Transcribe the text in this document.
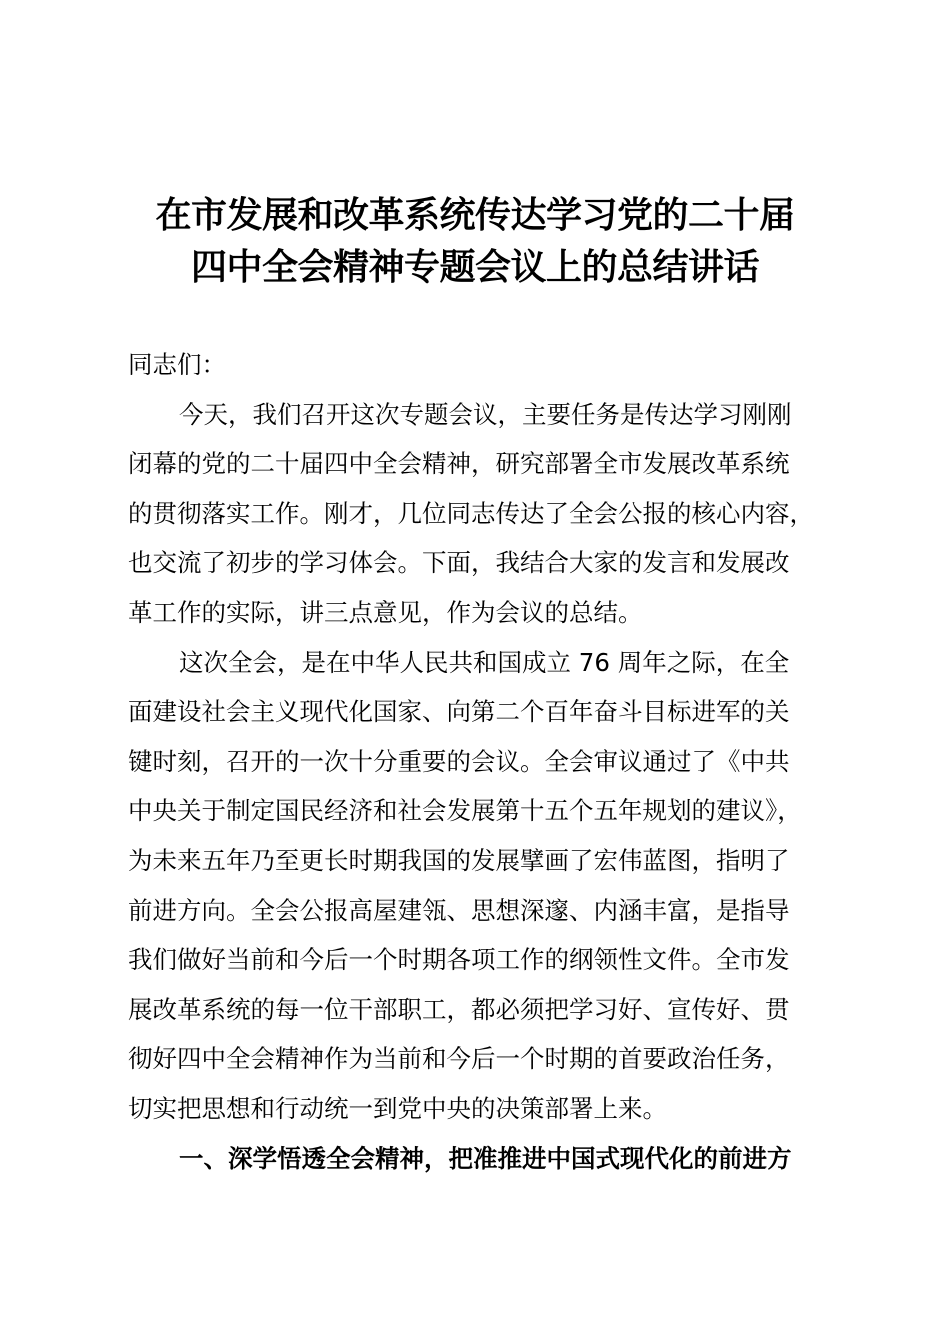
在市发展和改革系统传达学习党的二十届
四中全会精神专题会议上的总结讲话
同志们：
今天，我们召开这次专题会议，主要任务是传达学习刚刚
闭幕的党的二十届四中全会精神，研究部署全市发展改革系统
的贯彻落实工作。刚才，几位同志传达了全会公报的核心内容，
也交流了初步的学习体会。下面，我结合大家的发言和发展改
革工作的实际，讲三点意见，作为会议的总结。
这次全会，是在中华人民共和国成立 76 周年之际，在全
面建设社会主义现代化国家、向第二个百年奋斗目标进军的关
键时刻，召开的一次十分重要的会议。全会审议通过了《中共
中央关于制定国民经济和社会发展第十五个五年规划的建议》，
为未来五年乃至更长时期我国的发展擘画了宏伟蓝图，指明了
前进方向。全会公报高屋建瓴、思想深邃、内涵丰富，是指导
我们做好当前和今后一个时期各项工作的纲领性文件。全市发
展改革系统的每一位干部职工，都必须把学习好、宣传好、贯
彻好四中全会精神作为当前和今后一个时期的首要政治任务，
切实把思想和行动统一到党中央的决策部署上来。
一、深学悟透全会精神，把准推进中国式现代化的前进方
